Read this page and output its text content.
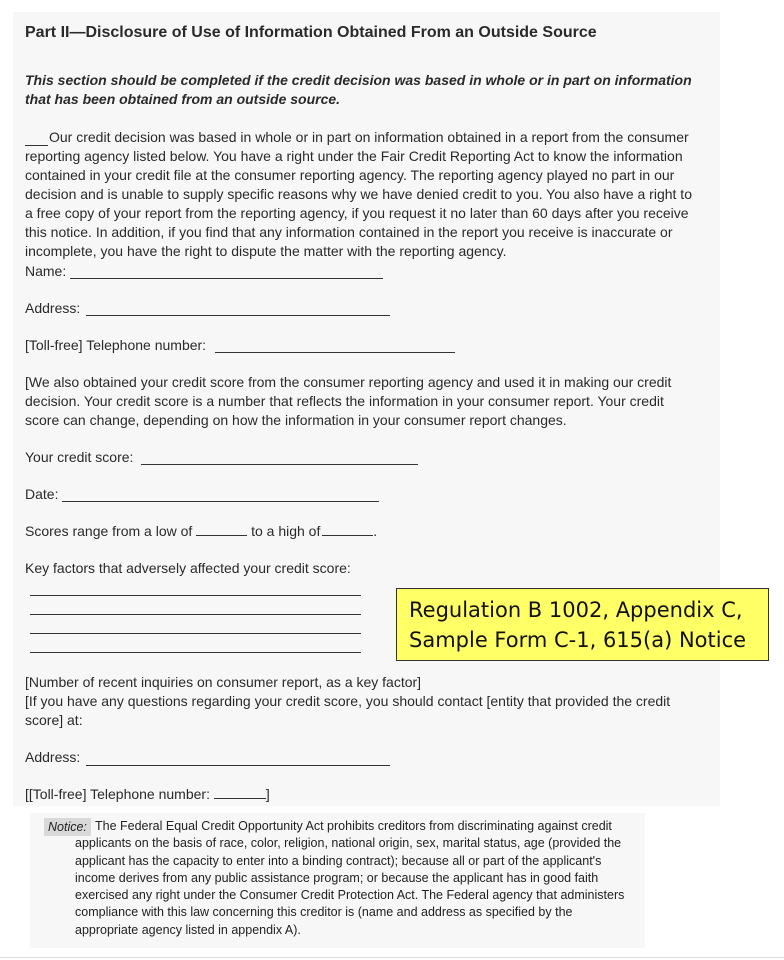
Part II—Disclosure of Use of Information Obtained From an Outside Source
This section should be completed if the credit decision was based in whole or in part on information that has been obtained from an outside source.
Our credit decision was based in whole or in part on information obtained in a report from the consumer reporting agency listed below. You have a right under the Fair Credit Reporting Act to know the information contained in your credit file at the consumer reporting agency. The reporting agency played no part in our decision and is unable to supply specific reasons why we have denied credit to you. You also have a right to a free copy of your report from the reporting agency, if you request it no later than 60 days after you receive this notice. In addition, if you find that any information contained in the report you receive is inaccurate or incomplete, you have the right to dispute the matter with the reporting agency.
Name:
Address:
[Toll-free] Telephone number:
[We also obtained your credit score from the consumer reporting agency and used it in making our credit decision. Your credit score is a number that reflects the information in your consumer report. Your credit score can change, depending on how the information in your consumer report changes.
Your credit score:
Date:
Scores range from a low of	to a high of	.
Key factors that adversely affected your credit score:
Regulation B 1002, Appendix C,
Sample Form C-1, 615(a) Notice
[Number of recent inquiries on consumer report, as a key factor]
[If you have any questions regarding your credit score, you should contact [entity that provided the credit score] at:
Address:
[[Toll-free] Telephone number:	]
The Federal Equal Credit Opportunity Act prohibits creditors from discriminating against credit applicants on the basis of race, color, religion, national origin, sex, marital status, age (provided the applicant has the capacity to enter into a binding contract); because all or part of the applicant's income derives from any public assistance program; or because the applicant has in good faith exercised any right under the Consumer Credit Protection Act. The Federal agency that administers compliance with this law concerning this creditor is (name and address as specified by the appropriate agency listed in appendix A).
Notice:
